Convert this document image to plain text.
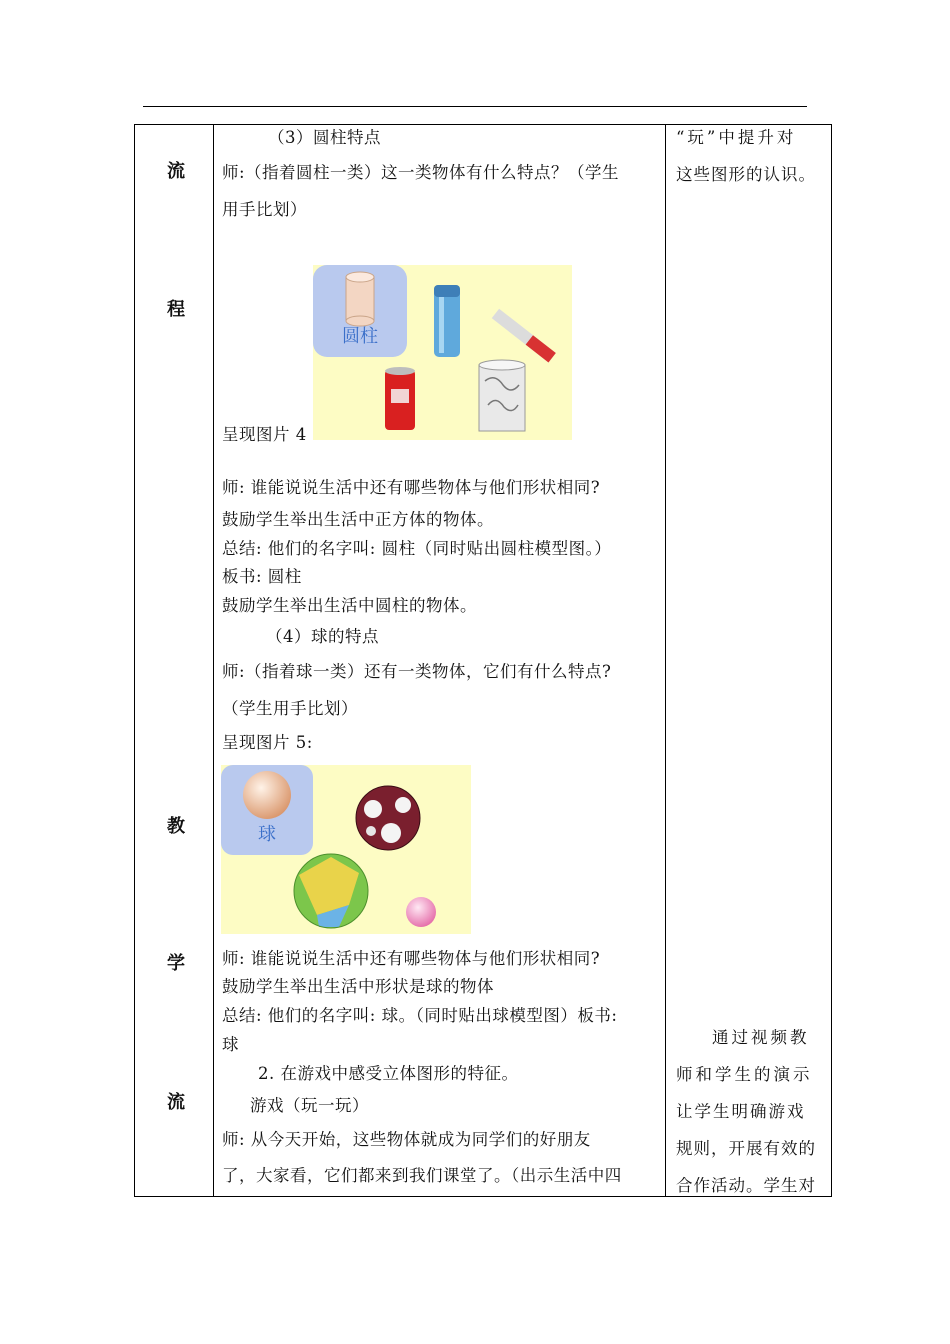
流
程
教
学
流
（3）圆柱特点
师:（指着圆柱一类）这一类物体有什么特点？（学生
用手比划）
圆柱
呈现图片 4
师: 谁能说说生活中还有哪些物体与他们形状相同?
鼓励学生举出生活中正方体的物体。
总结: 他们的名字叫: 圆柱（同时贴出圆柱模型图。）
板书: 圆柱
鼓励学生举出生活中圆柱的物体。
（4）球的特点
师:（指着球一类）还有一类物体，它们有什么特点?
（学生用手比划）
呈现图片 5:
球
师: 谁能说说生活中还有哪些物体与他们形状相同?
鼓励学生举出生活中形状是球的物体
总结: 他们的名字叫: 球。（同时贴出球模型图）板书:
球
2. 在游戏中感受立体图形的特征。
游戏（玩一玩）
师: 从今天开始，这些物体就成为同学们的好朋友
了，大家看，它们都来到我们课堂了。（出示生活中四
“玩”中提升对
这些图形的认识。
通过视频教
师和学生的演示
让学生明确游戏
规则，开展有效的
合作活动。学生对
